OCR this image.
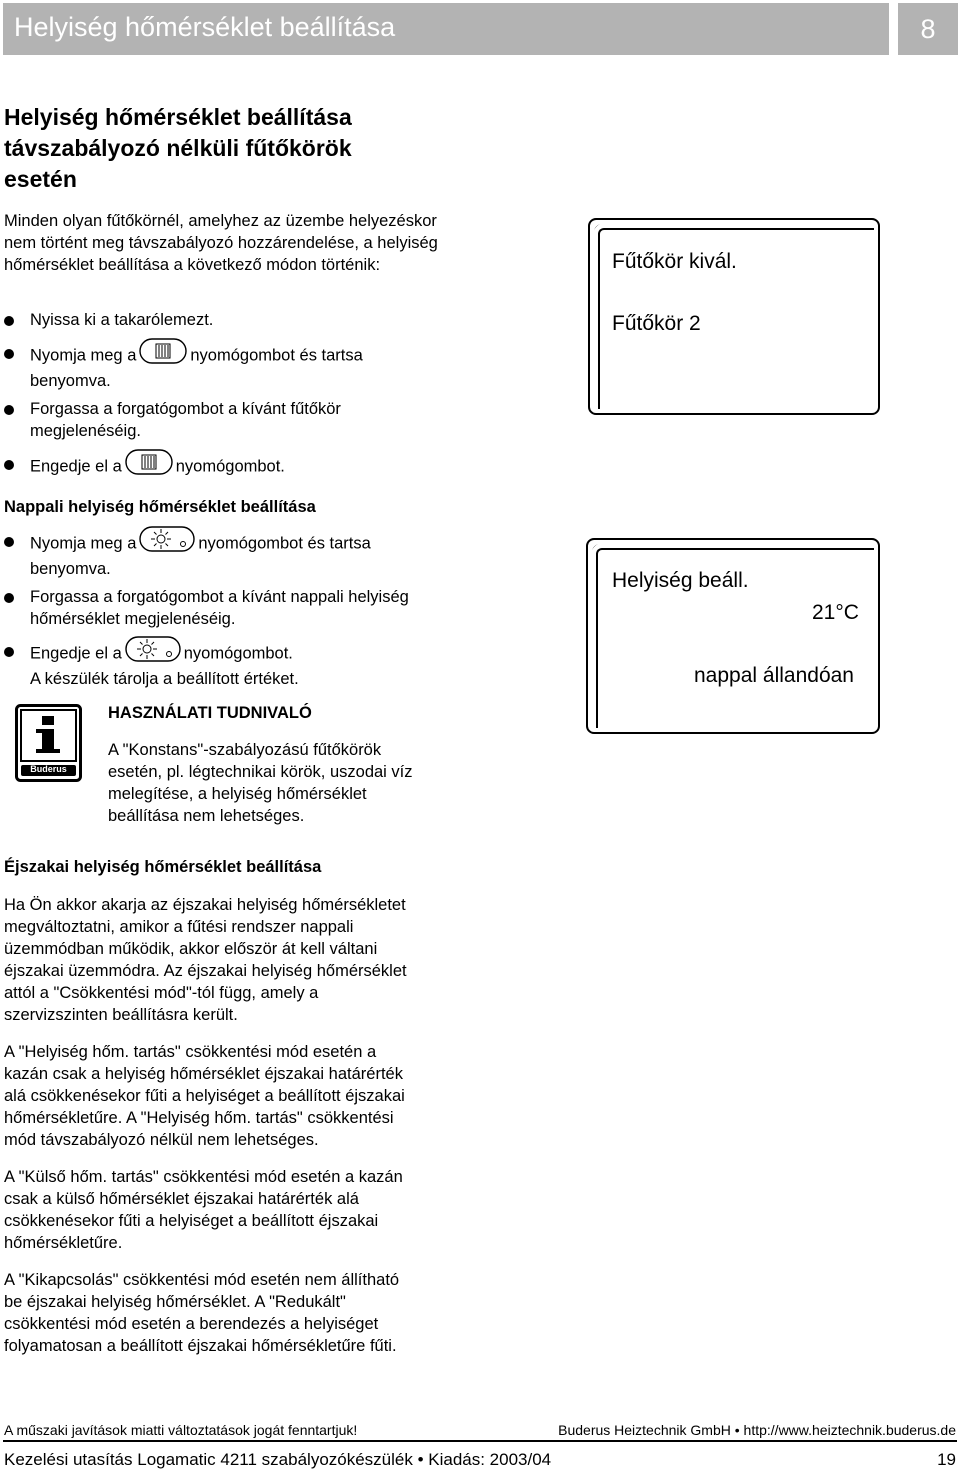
Helyiség hőmérséklet beállítása	8
Helyiség hőmérséklet beállítása
távszabályozó nélküli fűtőkörök
esetén
Minden olyan fűtőkörnél, amelyhez az üzembe helyezéskor nem történt meg távszabályozó hozzárendelése, a helyiség hőmérséklet beállítása a következő módon történik:
Nyissa ki a takarólemezt.
Nyomja meg a	nyomógombot és tartsa
benyomva.
Forgassa a forgatógombot a kívánt fűtőkör
megjelenéséig.
Engedje el a	nyomógombot.
Fűtőkör kivál.
Fűtőkör 2
Nappali helyiség hőmérséklet beállítása
Nyomja meg a	nyomógombot és tartsa
benyomva.
Forgassa a forgatógombot a kívánt nappali helyiség
hőmérséklet megjelenéséig.
Engedje el a	nyomógombot.
A készülék tárolja a beállított értéket.
Helyiség beáll.
21°C
nappal állandóan
Buderus
HASZNÁLATI TUDNIVALÓ
A "Konstans"-szabályozású fűtőkörök
esetén, pl. légtechnikai körök, uszodai víz
melegítése, a helyiség hőmérséklet
beállítása nem lehetséges.
Éjszakai helyiség hőmérséklet beállítása
Ha Ön akkor akarja az éjszakai helyiség hőmérsékletet
megváltoztatni, amikor a fűtési rendszer nappali
üzemmódban működik, akkor először át kell váltani
éjszakai üzemmódra. Az éjszakai helyiség hőmérséklet
attól a "Csökkentési mód"-tól függ, amely a
szervizszinten beállításra került.
A "Helyiség hőm. tartás" csökkentési mód esetén a
kazán csak a helyiség hőmérséklet éjszakai határérték
alá csökkenésekor fűti a helyiséget a beállított éjszakai
hőmérsékletűre. A "Helyiség hőm. tartás" csökkentési
mód távszabályozó nélkül nem lehetséges.
A "Külső hőm. tartás" csökkentési mód esetén a kazán
csak a külső hőmérséklet éjszakai határérték alá
csökkenésekor fűti a helyiséget a beállított éjszakai
hőmérsékletűre.
A "Kikapcsolás" csökkentési mód esetén nem állítható
be éjszakai helyiség hőmérséklet. A "Redukált"
csökkentési mód esetén a berendezés a helyiséget
folyamatosan a beállított éjszakai hőmérsékletűre fűti.
A műszaki javítások miatti változtatások jogát fenntartjuk!	Buderus Heiztechnik GmbH • http://www.heiztechnik.buderus.de
Kezelési utasítás Logamatic 4211 szabályozókészülék • Kiadás: 2003/04	19
